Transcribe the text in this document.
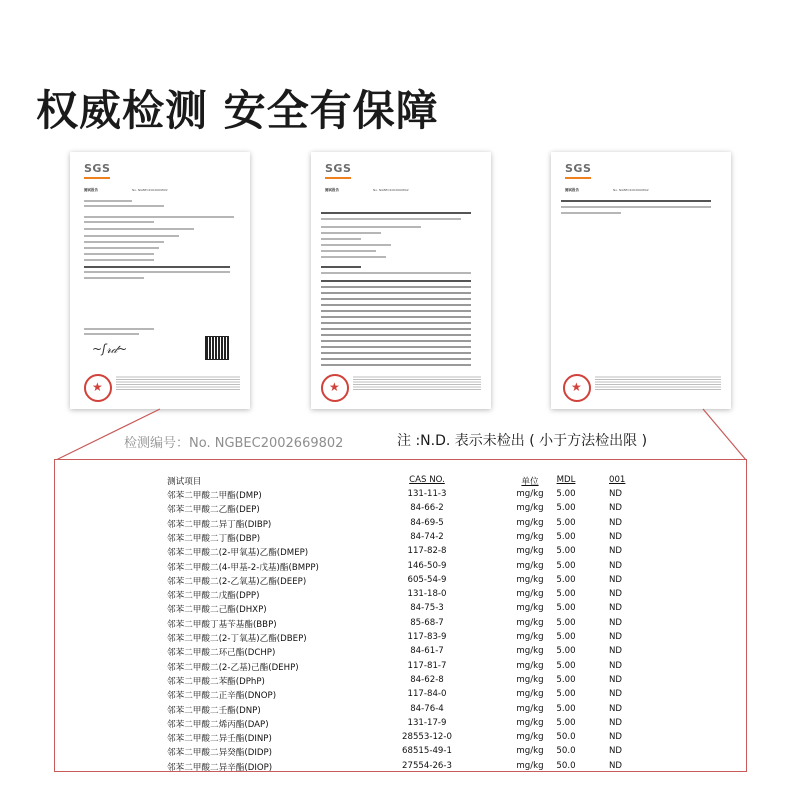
权威检测 安全有保障
SGS
测试报告	No. NGBEC2002669802
~ʃ𝓇𝒹~
★
SGS
测试报告	No. NGBEC2002669802
★
SGS
测试报告	No. NGBEC2002669802
★
检测编号：No. NGBEC2002669802	注 :N.D. 表示未检出 ( 小于方法检出限 )
测试项目	CAS NO.	单位	MDL	001
邻苯二甲酸二甲酯(DMP)	131-11-3	mg/kg	5.00	ND
邻苯二甲酸二乙酯(DEP)	84-66-2	mg/kg	5.00	ND
邻苯二甲酸二异丁酯(DIBP)	84-69-5	mg/kg	5.00	ND
邻苯二甲酸二丁酯(DBP)	84-74-2	mg/kg	5.00	ND
邻苯二甲酸二(2-甲氧基)乙酯(DMEP)	117-82-8	mg/kg	5.00	ND
邻苯二甲酸二(4-甲基-2-戊基)酯(BMPP)	146-50-9	mg/kg	5.00	ND
邻苯二甲酸二(2-乙氧基)乙酯(DEEP)	605-54-9	mg/kg	5.00	ND
邻苯二甲酸二戊酯(DPP)	131-18-0	mg/kg	5.00	ND
邻苯二甲酸二己酯(DHXP)	84-75-3	mg/kg	5.00	ND
邻苯二甲酸丁基苄基酯(BBP)	85-68-7	mg/kg	5.00	ND
邻苯二甲酸二(2-丁氧基)乙酯(DBEP)	117-83-9	mg/kg	5.00	ND
邻苯二甲酸二环己酯(DCHP)	84-61-7	mg/kg	5.00	ND
邻苯二甲酸二(2-乙基)己酯(DEHP)	117-81-7	mg/kg	5.00	ND
邻苯二甲酸二苯酯(DPhP)	84-62-8	mg/kg	5.00	ND
邻苯二甲酸二正辛酯(DNOP)	117-84-0	mg/kg	5.00	ND
邻苯二甲酸二壬酯(DNP)	84-76-4	mg/kg	5.00	ND
邻苯二甲酸二烯丙酯(DAP)	131-17-9	mg/kg	5.00	ND
邻苯二甲酸二异壬酯(DINP)	28553-12-0	mg/kg	50.0	ND
邻苯二甲酸二异癸酯(DIDP)	68515-49-1	mg/kg	50.0	ND
邻苯二甲酸二异辛酯(DIOP)	27554-26-3	mg/kg	50.0	ND
